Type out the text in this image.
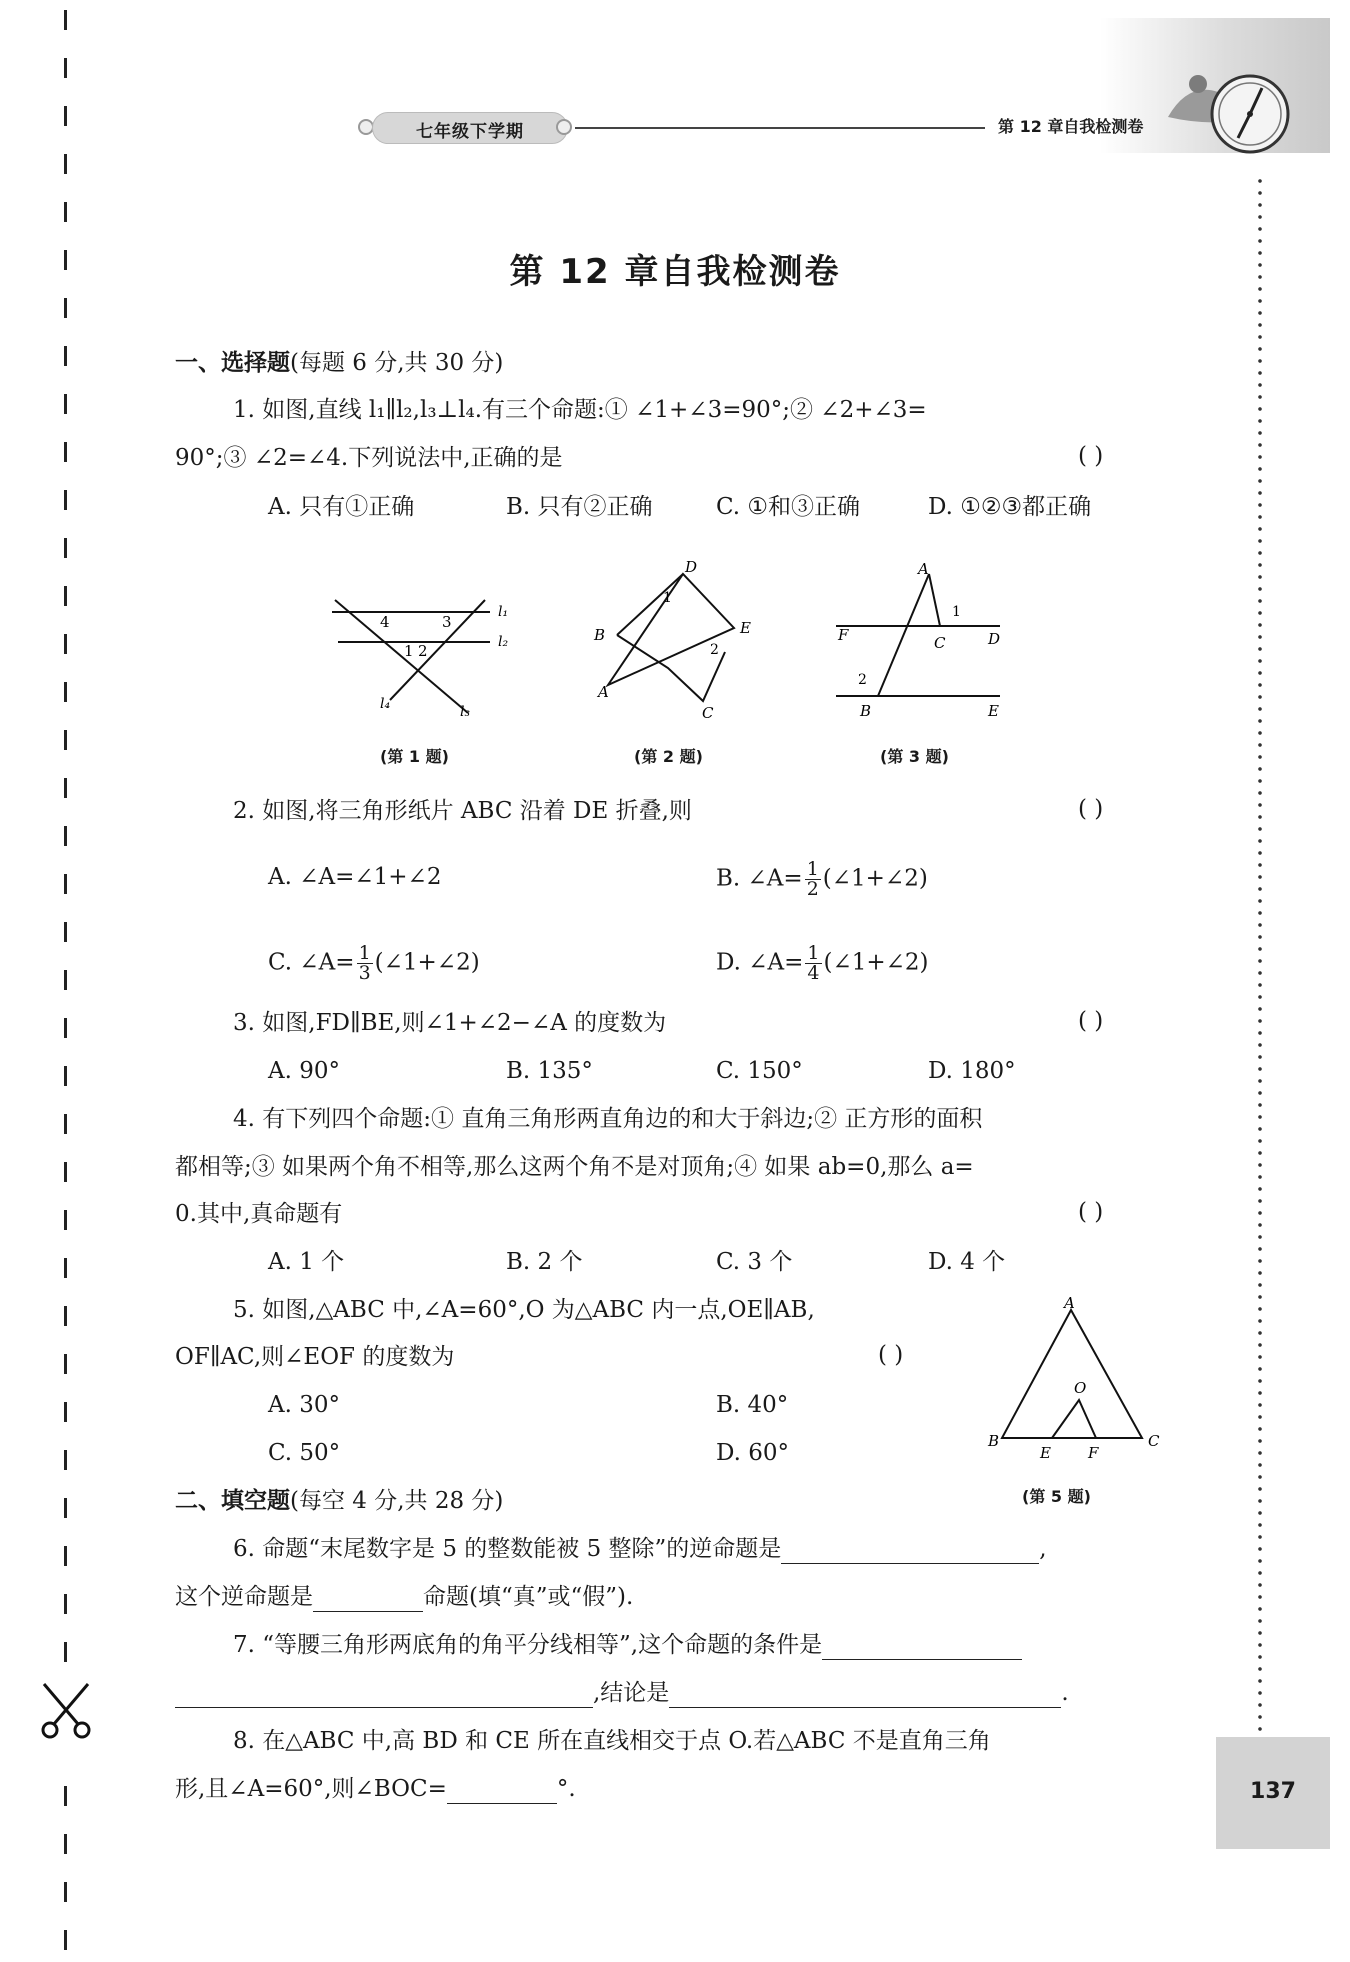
七年级下学期	第 12 章自我检测卷
137
第 12 章自我检测卷
一、选择题(每题 6 分,共 30 分)
1. 如图,直线 l₁∥l₂,l₃⊥l₄.有三个命题:① ∠1+∠3=90°;② ∠2+∠3=
90°;③ ∠2=∠4.下列说法中,正确的是	( )
A. 只有①正确	B. 只有②正确	C. ①和③正确	D. ①②③都正确
4	3
1 2
l₁
l₂
l₃
l₄
(第 1 题)
D
B
A
E
C
1
2
(第 2 题)
A
1
F	C	D
2
B	E
(第 3 题)
2. 如图,将三角形纸片 ABC 沿着 DE 折叠,则	( )
A. ∠A=∠1+∠2	B. ∠A= $\frac{1}{2}$ (∠1+∠2)
C. ∠A= $\frac{1}{3}$ (∠1+∠2)	D. ∠A= $\frac{1}{4}$ (∠1+∠2)
3. 如图,FD∥BE,则∠1+∠2−∠A 的度数为	( )
A. 90°	B. 135°	C. 150°	D. 180°
4. 有下列四个命题:① 直角三角形两直角边的和大于斜边;② 正方形的面积
都相等;③ 如果两个角不相等,那么这两个角不是对顶角;④ 如果 ab=0,那么 a=
0.其中,真命题有	( )
A. 1 个	B. 2 个	C. 3 个	D. 4 个
5. 如图,△ABC 中,∠A=60°,O 为△ABC 内一点,OE∥AB,
OF∥AC,则∠EOF 的度数为	( )
A. 30°	B. 40°
C. 50°	D. 60°
A
O
B
E F
C
(第 5 题)
二、填空题(每空 4 分,共 28 分)
6. 命题“末尾数字是 5 的整数能被 5 整除”的逆命题是	,
这个逆命题是	命题(填“真”或“假”).
7. “等腰三角形两底角的角平分线相等”,这个命题的条件是
,结论是	.
8. 在△ABC 中,高 BD 和 CE 所在直线相交于点 O.若△ABC 不是直角三角
形,且∠A=60°,则∠BOC=	°.
